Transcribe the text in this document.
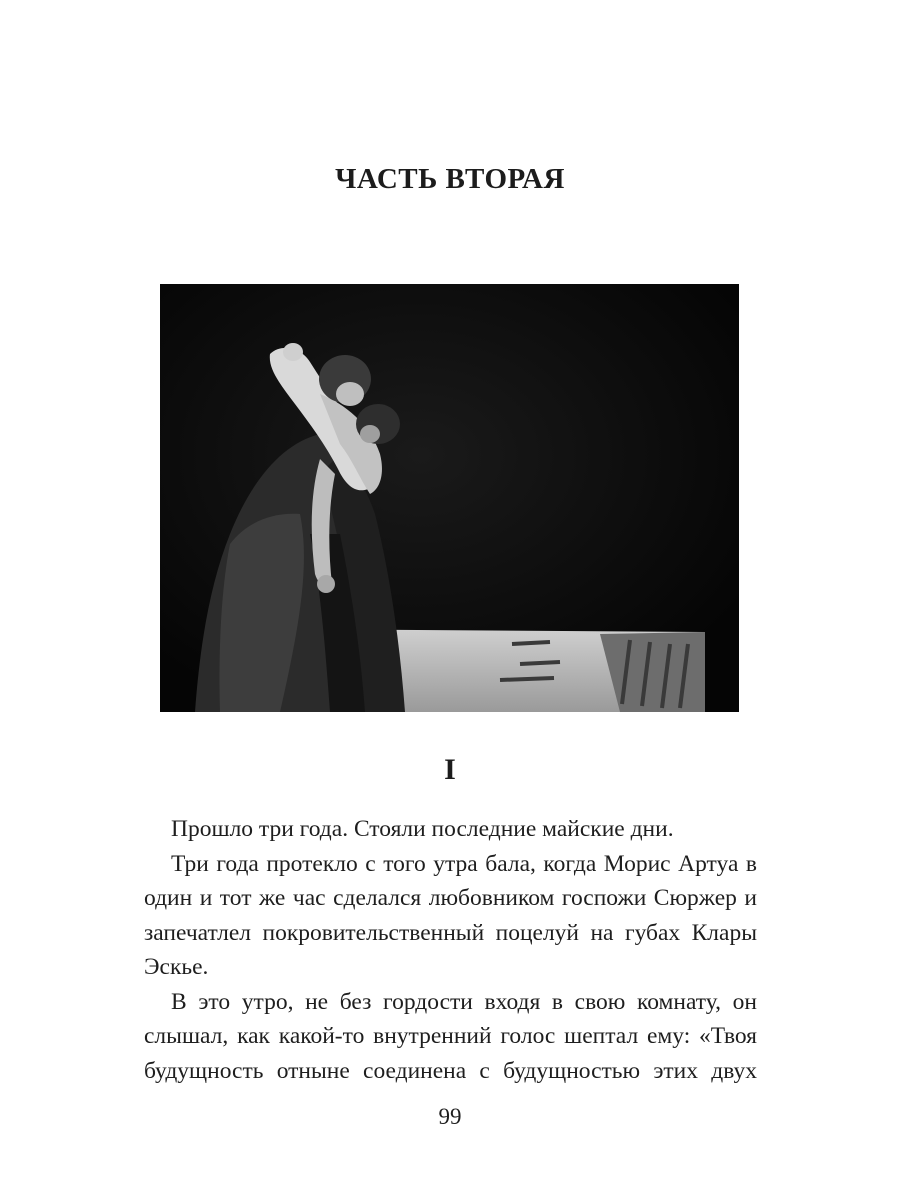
ЧАСТЬ ВТОРАЯ
I

Прошло три года. Стояли последние майские дни.

Три года протекло с того утра бала, когда Морис Артуа в один и тот же час сделался любовником госпожи Сюржер и запечатлел покровительственный поцелуй на губах Клары Эскье.

В это утро, не без гордости входя в свою комнату, он слышал, как какой-то внутренний голос шептал ему: «Твоя будущность отныне соединена с будущностью этих двух

99
